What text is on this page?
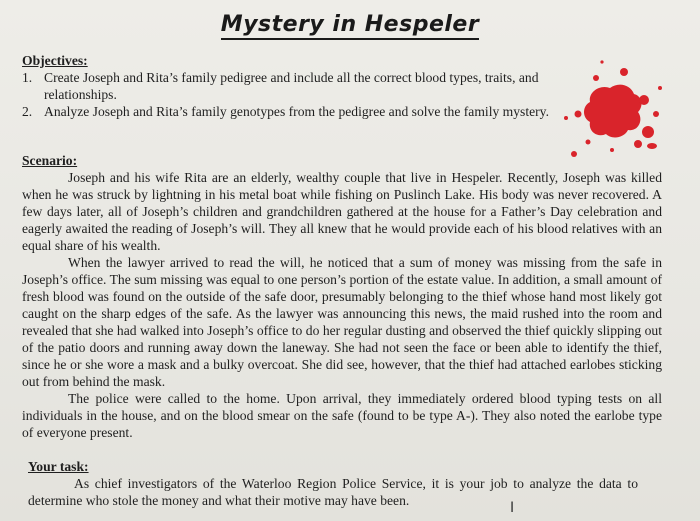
Mystery in Hespeler

Objectives:

1. Create Joseph and Rita’s family pedigree and include all the correct blood types, traits, and relationships.

2. Analyze Joseph and Rita’s family genotypes from the pedigree and solve the family mystery.

Scenario:

Joseph and his wife Rita are an elderly, wealthy couple that live in Hespeler. Recently, Joseph was killed when he was struck by lightning in his metal boat while fishing on Puslinch Lake. His body was never recovered. A few days later, all of Joseph’s children and grandchildren gathered at the house for a Father’s Day celebration and eagerly awaited the reading of Joseph’s will. They all knew that he would provide each of his blood relatives with an equal share of his wealth.

When the lawyer arrived to read the will, he noticed that a sum of money was missing from the safe in Joseph’s office. The sum missing was equal to one person’s portion of the estate value. In addition, a small amount of fresh blood was found on the outside of the safe door, presumably belonging to the thief whose hand most likely got caught on the sharp edges of the safe. As the lawyer was announcing this news, the maid rushed into the room and revealed that she had walked into Joseph’s office to do her regular dusting and observed the thief quickly slipping out of the patio doors and running away down the laneway. She had not seen the face or been able to identify the thief, since he or she wore a mask and a bulky overcoat. She did see, however, that the thief had attached earlobes sticking out from behind the mask.

The police were called to the home. Upon arrival, they immediately ordered blood typing tests on all individuals in the house, and on the blood smear on the safe (found to be type A-). They also noted the earlobe type of everyone present.

Your task:

As chief investigators of the Waterloo Region Police Service, it is your job to analyze the data to determine who stole the money and what their motive may have been.	I
